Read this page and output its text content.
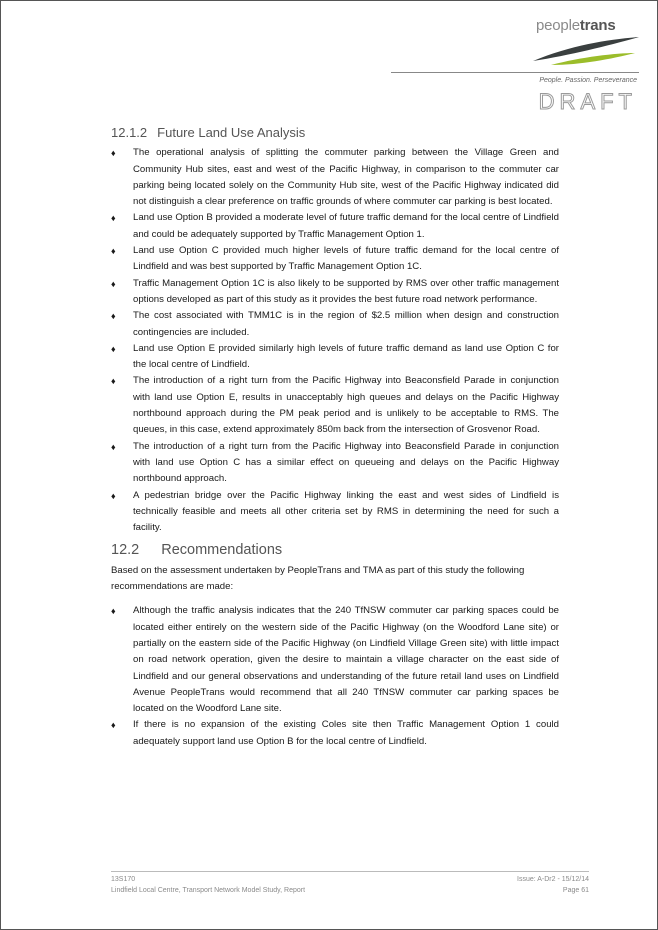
peopletrans
People. Passion. Perseverance
DRAFT
12.1.2 Future Land Use Analysis
♦ The operational analysis of splitting the commuter parking between the Village Green and Community Hub sites, east and west of the Pacific Highway, in comparison to the commuter car parking being located solely on the Community Hub site, west of the Pacific Highway indicated did not distinguish a clear preference on traffic grounds of where commuter car parking is best located.
♦ Land use Option B provided a moderate level of future traffic demand for the local centre of Lindfield and could be adequately supported by Traffic Management Option 1.
♦ Land use Option C provided much higher levels of future traffic demand for the local centre of Lindfield and was best supported by Traffic Management Option 1C.
♦ Traffic Management Option 1C is also likely to be supported by RMS over other traffic management options developed as part of this study as it provides the best future road network performance.
♦ The cost associated with TMM1C is in the region of $2.5 million when design and construction contingencies are included.
♦ Land use Option E provided similarly high levels of future traffic demand as land use Option C for the local centre of Lindfield.
♦ The introduction of a right turn from the Pacific Highway into Beaconsfield Parade in conjunction with land use Option E, results in unacceptably high queues and delays on the Pacific Highway northbound approach during the PM peak period and is unlikely to be acceptable to RMS. The queues, in this case, extend approximately 850m back from the intersection of Grosvenor Road.
♦ The introduction of a right turn from the Pacific Highway into Beaconsfield Parade in conjunction with land use Option C has a similar effect on queueing and delays on the Pacific Highway northbound approach.
♦ A pedestrian bridge over the Pacific Highway linking the east and west sides of Lindfield is technically feasible and meets all other criteria set by RMS in determining the need for such a facility.
12.2 Recommendations

Based on the assessment undertaken by PeopleTrans and TMA as part of this study the following recommendations are made:

♦ Although the traffic analysis indicates that the 240 TfNSW commuter car parking spaces could be located either entirely on the western side of the Pacific Highway (on the Woodford Lane site) or partially on the eastern side of the Pacific Highway (on Lindfield Village Green site) with little impact on road network operation, given the desire to maintain a village character on the east side of Lindfield and our general observations and understanding of the future retail land uses on Lindfield Avenue PeopleTrans would recommend that all 240 TfNSW commuter car parking spaces be located on the Woodford Lane site.
♦ If there is no expansion of the existing Coles site then Traffic Management Option 1 could adequately support land use Option B for the local centre of Lindfield.
13S170	Issue: A-Dr2 - 15/12/14
Lindfield Local Centre, Transport Network Model Study, Report	Page 61
